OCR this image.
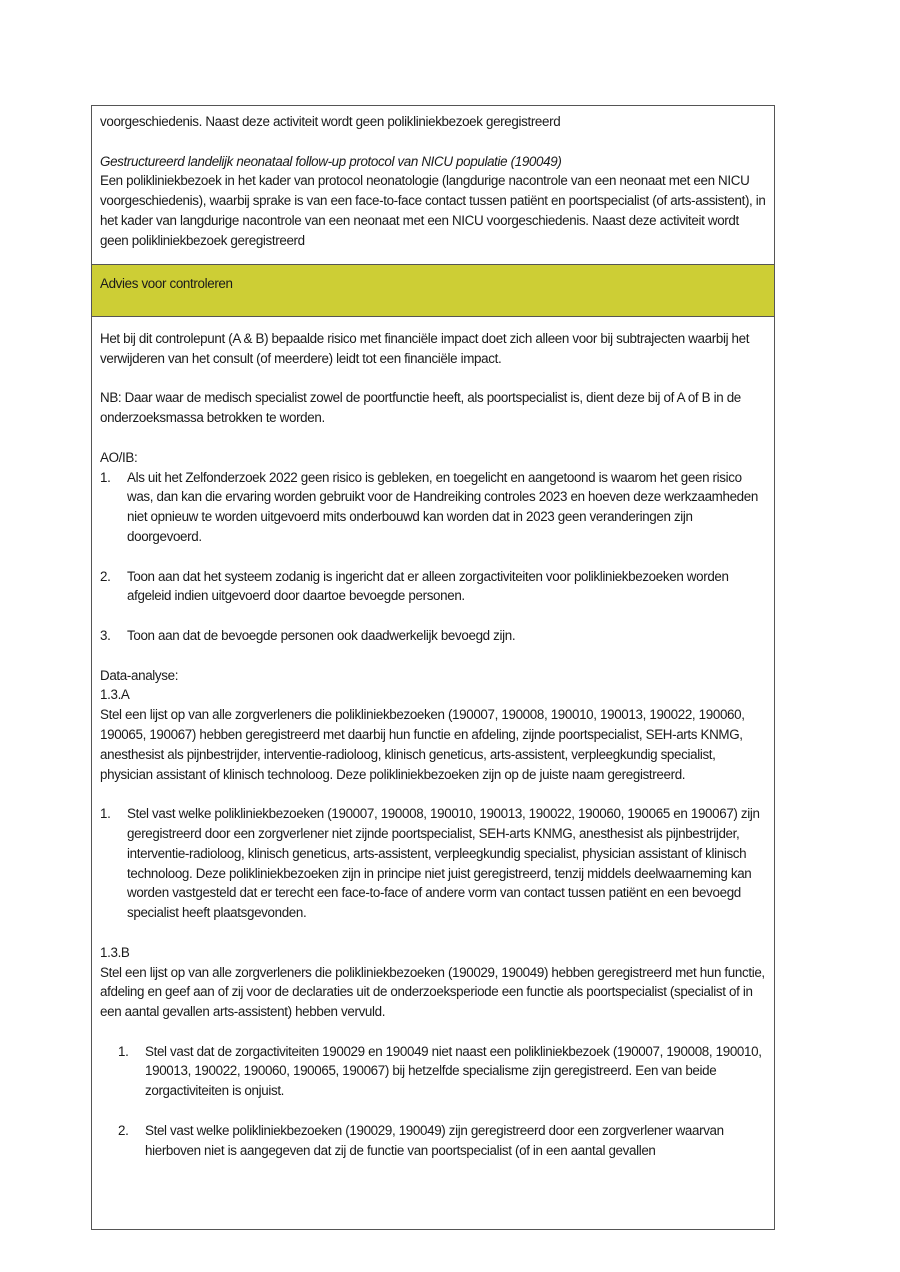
voorgeschiedenis. Naast deze activiteit wordt geen polikliniekbezoek geregistreerd

Gestructureerd landelijk neonataal follow-up protocol van NICU populatie (190049)

Een polikliniekbezoek in het kader van protocol neonatologie (langdurige nacontrole van een neonaat met een NICU voorgeschiedenis), waarbij sprake is van een face-to-face contact tussen patiënt en poortspecialist (of arts-assistent), in het kader van langdurige nacontrole van een neonaat met een NICU voorgeschiedenis. Naast deze activiteit wordt geen polikliniekbezoek geregistreerd

Advies voor controleren

Het bij dit controlepunt (A & B) bepaalde risico met financiële impact doet zich alleen voor bij subtrajecten waarbij het verwijderen van het consult (of meerdere) leidt tot een financiële impact.

NB: Daar waar de medisch specialist zowel de poortfunctie heeft, als poortspecialist is, dient deze bij of A of B in de onderzoeksmassa betrokken te worden.

AO/IB:

1.	Als uit het Zelfonderzoek 2022 geen risico is gebleken, en toegelicht en aangetoond is waarom het geen risico was, dan kan die ervaring worden gebruikt voor de Handreiking controles 2023 en hoeven deze werkzaamheden niet opnieuw te worden uitgevoerd mits onderbouwd kan worden dat in 2023 geen veranderingen zijn doorgevoerd.
2.	Toon aan dat het systeem zodanig is ingericht dat er alleen zorgactiviteiten voor polikliniekbezoeken worden afgeleid indien uitgevoerd door daartoe bevoegde personen.
3.	Toon aan dat de bevoegde personen ook daadwerkelijk bevoegd zijn.

Data-analyse:

1.3.A

Stel een lijst op van alle zorgverleners die polikliniekbezoeken (190007, 190008, 190010, 190013, 190022, 190060, 190065, 190067) hebben geregistreerd met daarbij hun functie en afdeling, zijnde poortspecialist, SEH-arts KNMG, anesthesist als pijnbestrijder, interventie-radioloog, klinisch geneticus, arts-assistent, verpleegkundig specialist, physician assistant of klinisch technoloog. Deze polikliniekbezoeken zijn op de juiste naam geregistreerd.

1.	Stel vast welke polikliniekbezoeken (190007, 190008, 190010, 190013, 190022, 190060, 190065 en 190067) zijn geregistreerd door een zorgverlener niet zijnde poortspecialist, SEH-arts KNMG, anesthesist als pijnbestrijder, interventie-radioloog, klinisch geneticus, arts-assistent, verpleegkundig specialist, physician assistant of klinisch technoloog. Deze polikliniekbezoeken zijn in principe niet juist geregistreerd, tenzij middels deelwaarneming kan worden vastgesteld dat er terecht een face-to-face of andere vorm van contact tussen patiënt en een bevoegd specialist heeft plaatsgevonden.

1.3.B

Stel een lijst op van alle zorgverleners die polikliniekbezoeken (190029, 190049) hebben geregistreerd met hun functie, afdeling en geef aan of zij voor de declaraties uit de onderzoeksperiode een functie als poortspecialist (specialist of in een aantal gevallen arts-assistent) hebben vervuld.

1.	Stel vast dat de zorgactiviteiten 190029 en 190049 niet naast een polikliniekbezoek (190007, 190008, 190010, 190013, 190022, 190060, 190065, 190067) bij hetzelfde specialisme zijn geregistreerd. Een van beide zorgactiviteiten is onjuist.
2.	Stel vast welke polikliniekbezoeken (190029, 190049) zijn geregistreerd door een zorgverlener waarvan hierboven niet is aangegeven dat zij de functie van poortspecialist (of in een aantal gevallen
